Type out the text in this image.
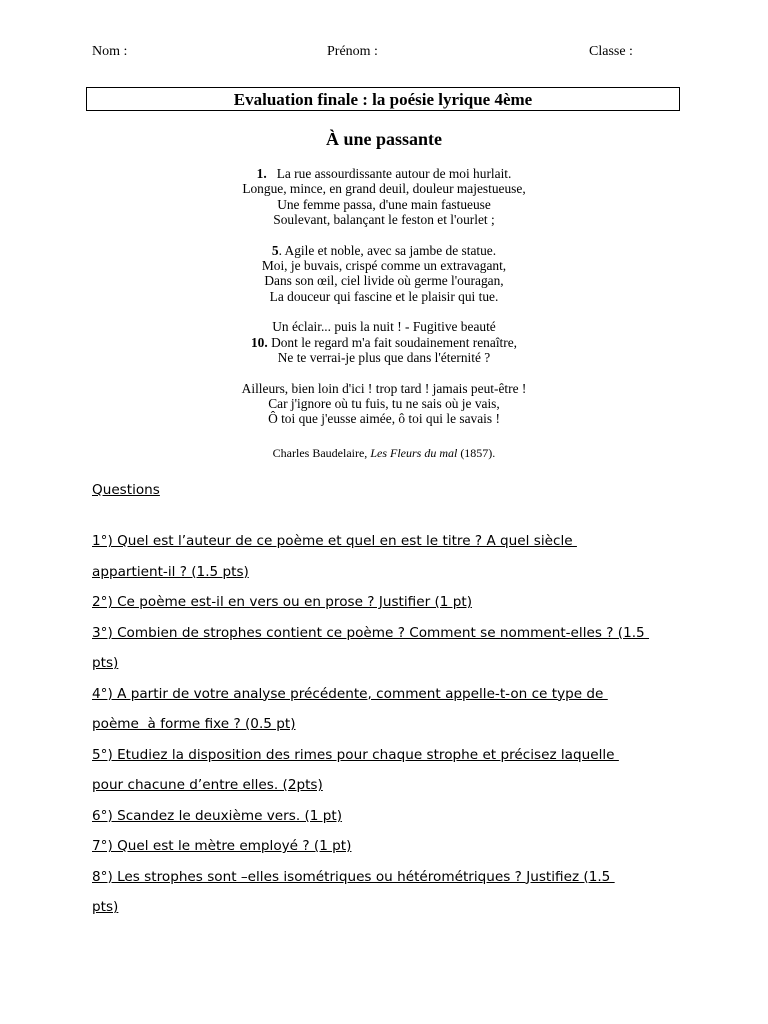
Nom :	Prénom :	Classe :
Evaluation finale : la poésie lyrique 4ème
À une passante
1.   La rue assourdissante autour de moi hurlait.
Longue, mince, en grand deuil, douleur majestueuse,
Une femme passa, d'une main fastueuse
Soulevant, balançant le feston et l'ourlet ;
5. Agile et noble, avec sa jambe de statue.
Moi, je buvais, crispé comme un extravagant,
Dans son œil, ciel livide où germe l'ouragan,
La douceur qui fascine et le plaisir qui tue.
Un éclair... puis la nuit ! - Fugitive beauté
10. Dont le regard m'a fait soudainement renaître,
Ne te verrai-je plus que dans l'éternité ?
Ailleurs, bien loin d'ici ! trop tard ! jamais peut-être !
Car j'ignore où tu fuis, tu ne sais où je vais,
Ô toi que j'eusse aimée, ô toi qui le savais !
Charles Baudelaire, Les Fleurs du mal (1857).
Questions
1°) Quel est l’auteur de ce poème et quel en est le titre ? A quel siècle
appartient-il ? (1.5 pts)
2°) Ce poème est-il en vers ou en prose ? Justifier (1 pt)
3°) Combien de strophes contient ce poème ? Comment se nomment-elles ? (1.5
pts)
4°) A partir de votre analyse précédente, comment appelle-t-on ce type de
poème  à forme fixe ? (0.5 pt)
5°) Etudiez la disposition des rimes pour chaque strophe et précisez laquelle
pour chacune d’entre elles. (2pts)
6°) Scandez le deuxième vers. (1 pt)
7°) Quel est le mètre employé ? (1 pt)
8°) Les strophes sont –elles isométriques ou hétérométriques ? Justifiez (1.5
pts)
